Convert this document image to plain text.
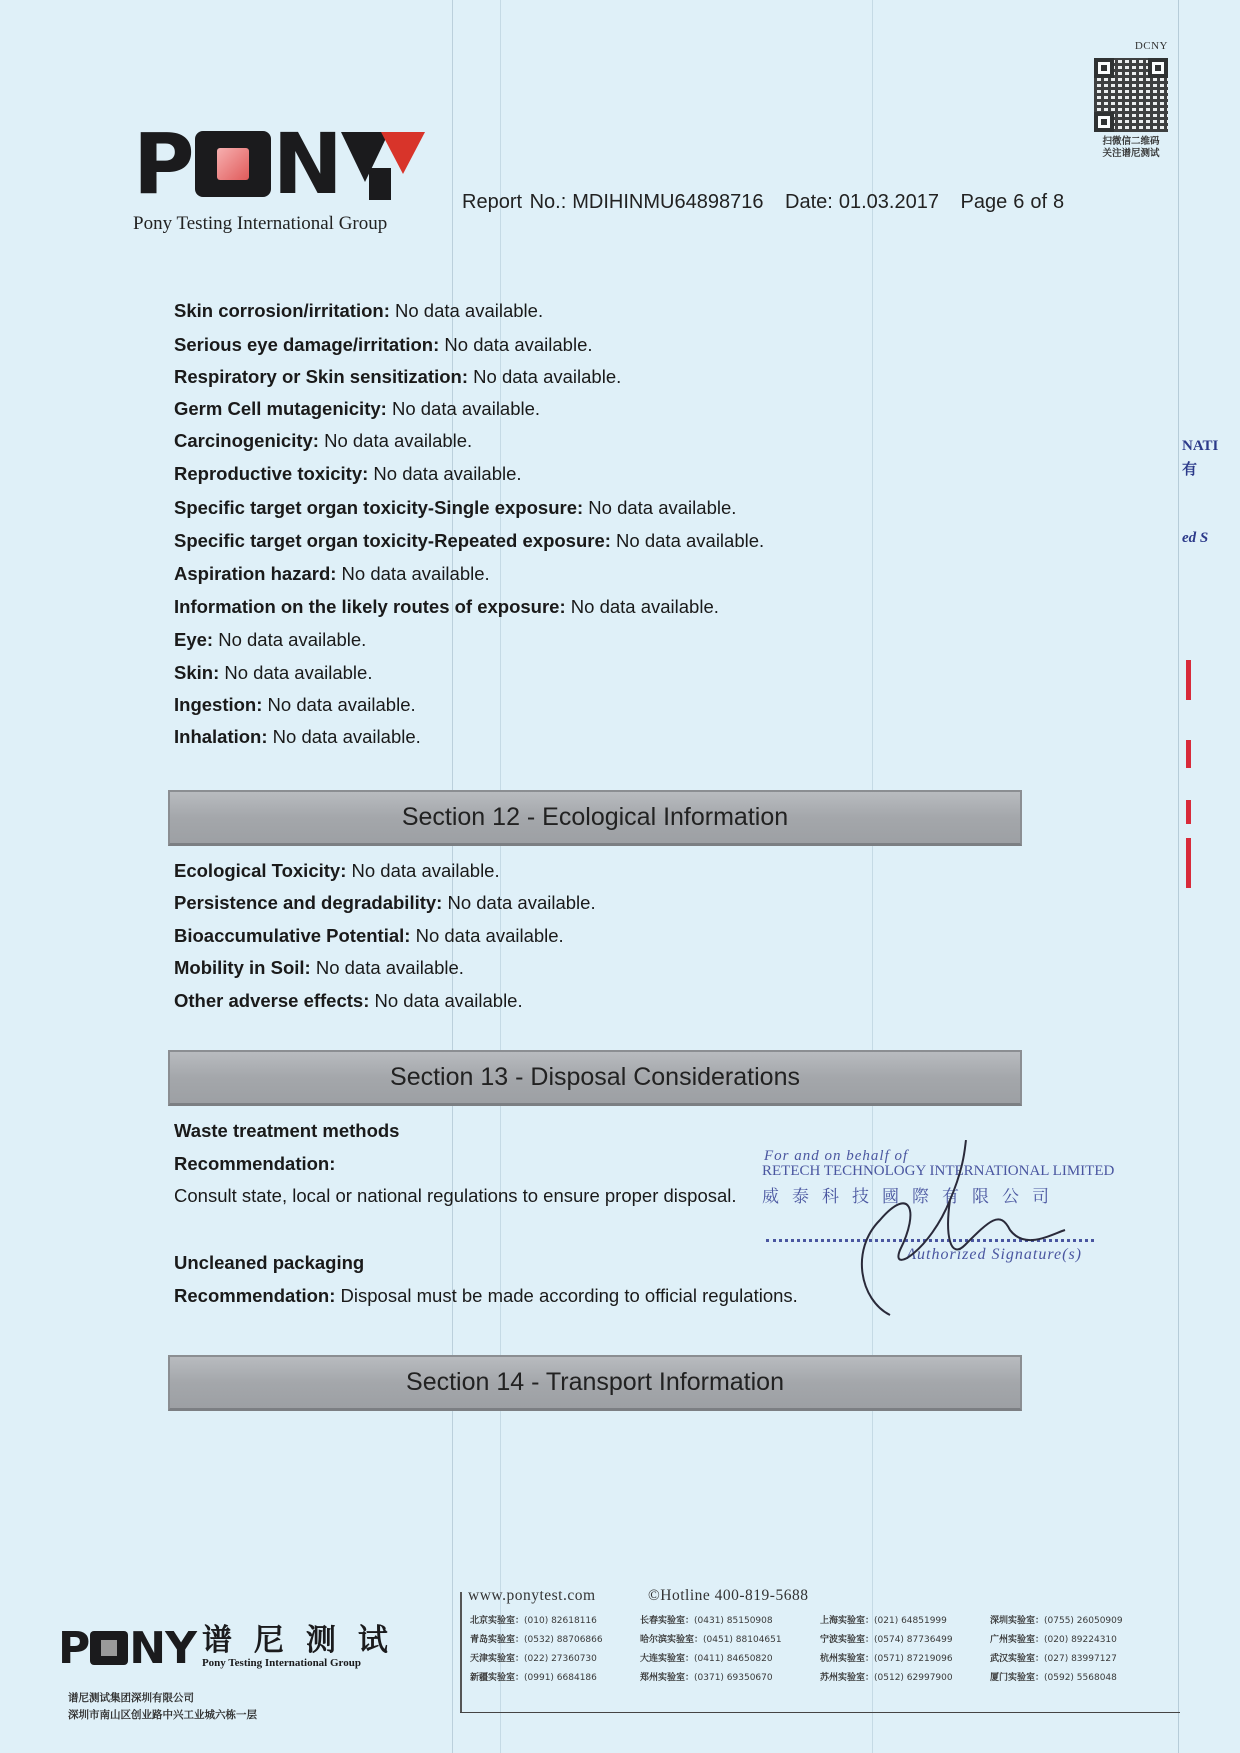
P N
Pony Testing International Group
Report No.: MDIHINMU64898716 Date: 01.03.2017 Page 6 of 8
DCNY
扫微信二维码
关注谱尼测试
NATI
有
ed S
Skin corrosion/irritation: No data available.
Serious eye damage/irritation: No data available.
Respiratory or Skin sensitization: No data available.
Germ Cell mutagenicity: No data available.
Carcinogenicity: No data available.
Reproductive toxicity: No data available.
Specific target organ toxicity-Single exposure: No data available.
Specific target organ toxicity-Repeated exposure: No data available.
Aspiration hazard: No data available.
Information on the likely routes of exposure: No data available.
Eye: No data available.
Skin: No data available.
Ingestion: No data available.
Inhalation: No data available.
Section 12 - Ecological Information
Ecological Toxicity: No data available.
Persistence and degradability: No data available.
Bioaccumulative Potential: No data available.
Mobility in Soil: No data available.
Other adverse effects: No data available.
Section 13 - Disposal Considerations
Waste treatment methods
Recommendation:
Consult state, local or national regulations to ensure proper disposal.
Uncleaned packaging
Recommendation: Disposal must be made according to official regulations.
For and on behalf of
RETECH TECHNOLOGY INTERNATIONAL LIMITED
威泰科技國際有限公司
Authorized Signature(s)
Section 14 - Transport Information
P NY 谱尼测试
Pony Testing International Group
谱尼测试集团深圳有限公司
深圳市南山区创业路中兴工业城六栋一层
www.ponytest.com	©Hotline 400-819-5688
北京实验室：(010) 82618116	长春实验室：(0431) 85150908	上海实验室：(021) 64851999	深圳实验室：(0755) 26050909
青岛实验室：(0532) 88706866	哈尔滨实验室：(0451) 88104651	宁波实验室：(0574) 87736499	广州实验室：(020) 89224310
天津实验室：(022) 27360730	大连实验室：(0411) 84650820	杭州实验室：(0571) 87219096	武汉实验室：(027) 83997127
新疆实验室：(0991) 6684186	郑州实验室：(0371) 69350670	苏州实验室：(0512) 62997900	厦门实验室：(0592) 5568048
